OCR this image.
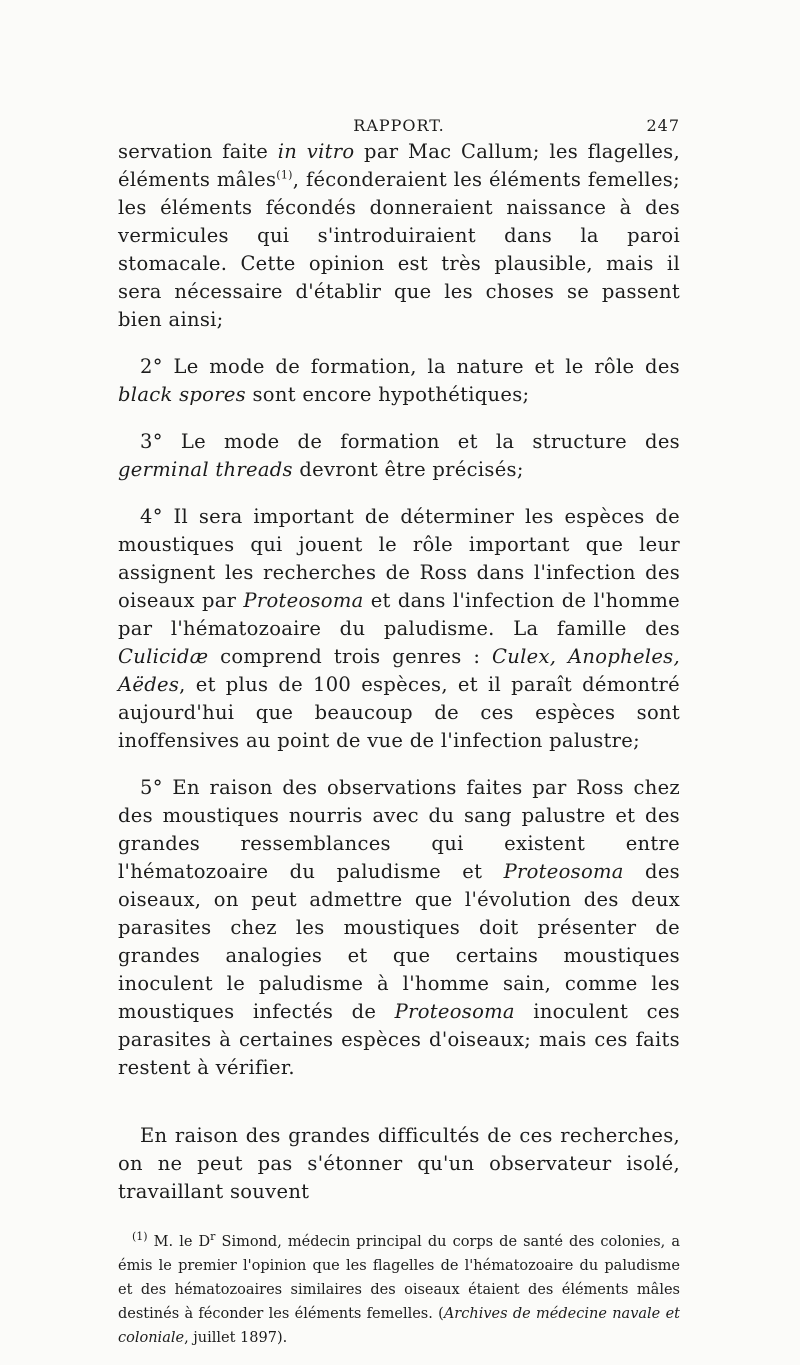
RAPPORT.	247

servation faite in vitro par Mac Callum; les flagelles, éléments mâles$^{(1)}$, féconderaient les éléments femelles; les éléments fécondés donneraient naissance à des vermicules qui s'introduiraient dans la paroi stomacale. Cette opinion est très plausible, mais il sera nécessaire d'établir que les choses se passent bien ainsi;

2° Le mode de formation, la nature et le rôle des black spores sont encore hypothétiques;

3° Le mode de formation et la structure des germinal threads devront être précisés;

4° Il sera important de déterminer les espèces de moustiques qui jouent le rôle important que leur assignent les recherches de Ross dans l'infection des oiseaux par Proteosoma et dans l'infection de l'homme par l'hématozoaire du paludisme. La famille des Culicidæ comprend trois genres : Culex, Anopheles, Aëdes, et plus de 100 espèces, et il paraît démontré aujourd'hui que beaucoup de ces espèces sont inoffensives au point de vue de l'infection palustre;

5° En raison des observations faites par Ross chez des moustiques nourris avec du sang palustre et des grandes ressemblances qui existent entre l'hématozoaire du paludisme et Proteosoma des oiseaux, on peut admettre que l'évolution des deux parasites chez les moustiques doit présenter de grandes analogies et que certains moustiques inoculent le paludisme à l'homme sain, comme les moustiques infectés de Proteosoma inoculent ces parasites à certaines espèces d'oiseaux; mais ces faits restent à vérifier.

En raison des grandes difficultés de ces recherches, on ne peut pas s'étonner qu'un observateur isolé, travaillant souvent

$^{(1)}$ M. le $D^r$ Simond, médecin principal du corps de santé des colonies, a émis le premier l'opinion que les flagelles de l'hématozoaire du paludisme et des hématozoaires similaires des oiseaux étaient des éléments mâles destinés à féconder les éléments femelles. (Archives de médecine navale et coloniale, juillet 1897).
